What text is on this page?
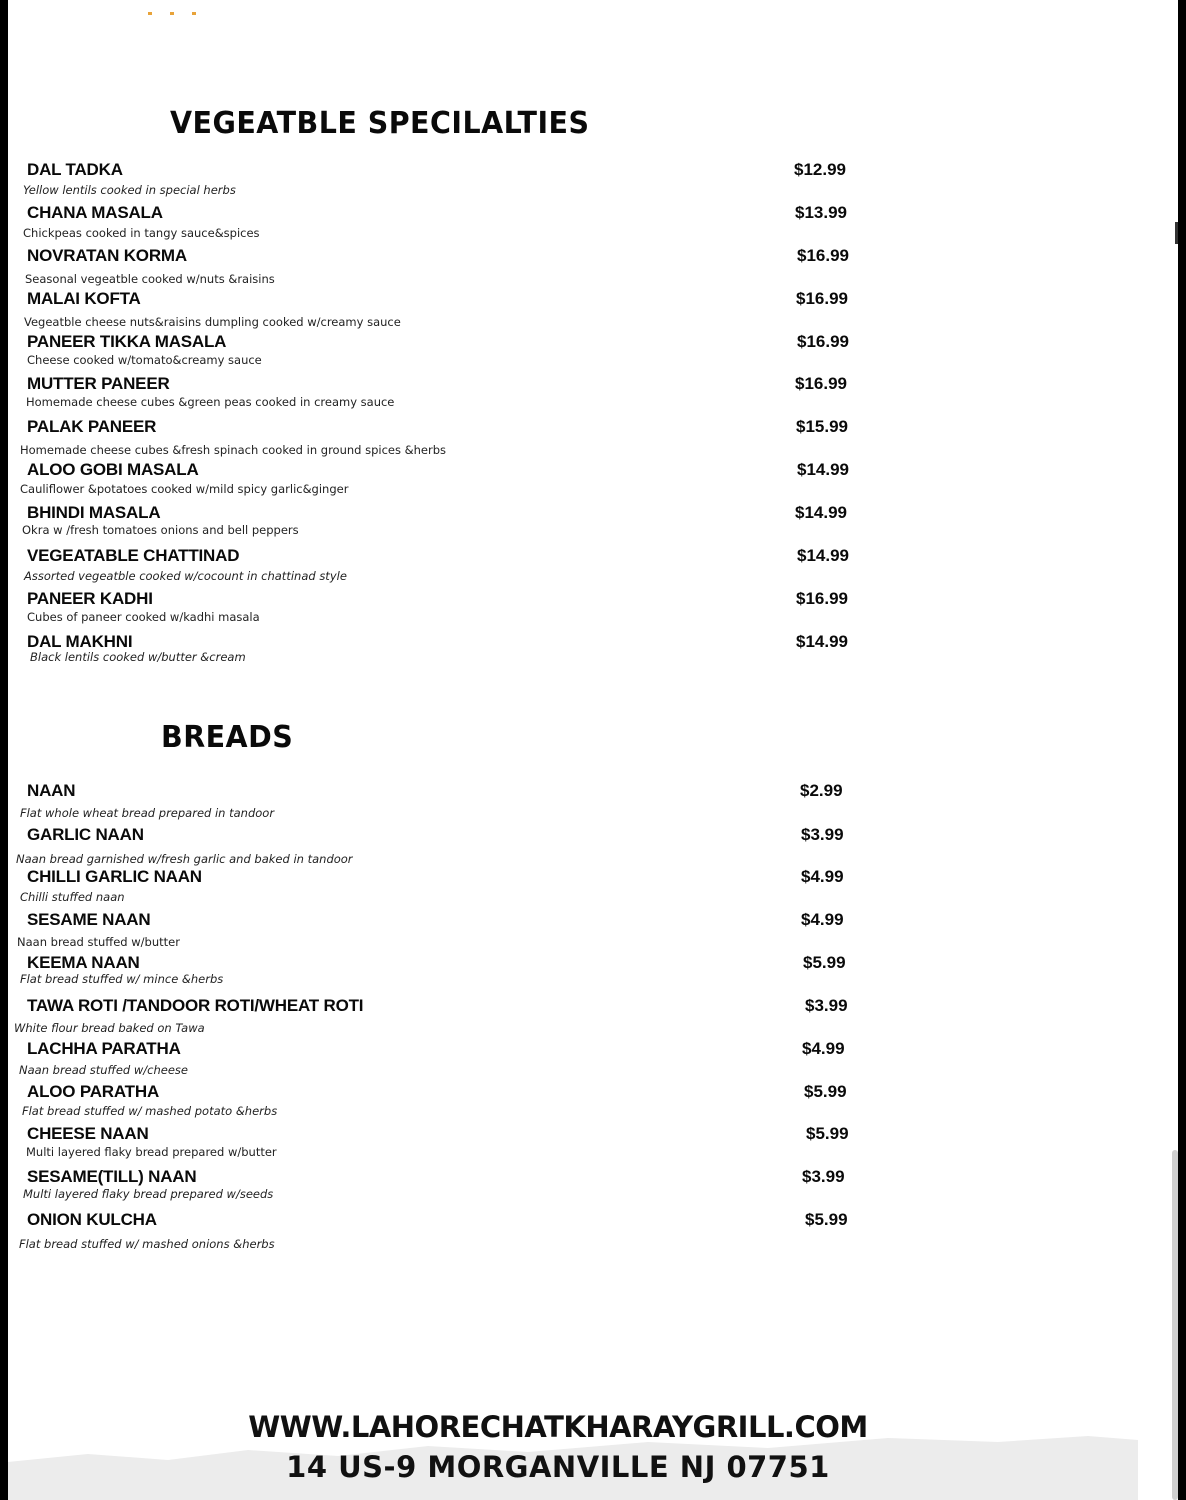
VEGEATBLE SPECILALTIES
DAL TADKA	$12.99
Yellow lentils cooked in special herbs
CHANA MASALA	$13.99
Chickpeas cooked in tangy sauce&spices
NOVRATAN KORMA	$16.99
Seasonal vegeatble cooked w/nuts &raisins
MALAI KOFTA	$16.99
Vegeatble cheese nuts&raisins dumpling cooked w/creamy sauce
PANEER TIKKA MASALA	$16.99
Cheese cooked w/tomato&creamy sauce
MUTTER PANEER	$16.99
Homemade cheese cubes &green peas cooked in creamy sauce
PALAK PANEER	$15.99
Homemade cheese cubes &fresh spinach cooked in ground spices &herbs
ALOO GOBI MASALA	$14.99
Cauliflower &potatoes cooked w/mild spicy garlic&ginger
BHINDI MASALA	$14.99
Okra w /fresh tomatoes onions and bell peppers
VEGEATABLE CHATTINAD	$14.99
Assorted vegeatble cooked w/cocount in chattinad style
PANEER KADHI	$16.99
Cubes of paneer cooked w/kadhi masala
DAL MAKHNI	$14.99
Black lentils cooked w/butter &cream
BREADS
NAAN	$2.99
Flat whole wheat bread prepared in tandoor
GARLIC NAAN	$3.99
Naan bread garnished w/fresh garlic and baked in tandoor
CHILLI GARLIC NAAN	$4.99
Chilli stuffed naan
SESAME NAAN	$4.99
Naan bread stuffed w/butter
KEEMA NAAN	$5.99
Flat bread stuffed w/ mince &herbs
TAWA ROTI /TANDOOR ROTI/WHEAT ROTI	$3.99
White flour bread baked on Tawa
LACHHA PARATHA	$4.99
Naan bread stuffed w/cheese
ALOO PARATHA	$5.99
Flat bread stuffed w/ mashed potato &herbs
CHEESE NAAN	$5.99
Multi layered flaky bread prepared w/butter
SESAME(TILL) NAAN	$3.99
Multi layered flaky bread prepared w/seeds
ONION KULCHA	$5.99
Flat bread stuffed w/ mashed onions &herbs
WWW.LAHORECHATKHARAYGRILL.COM
14 US-9 MORGANVILLE NJ 07751
